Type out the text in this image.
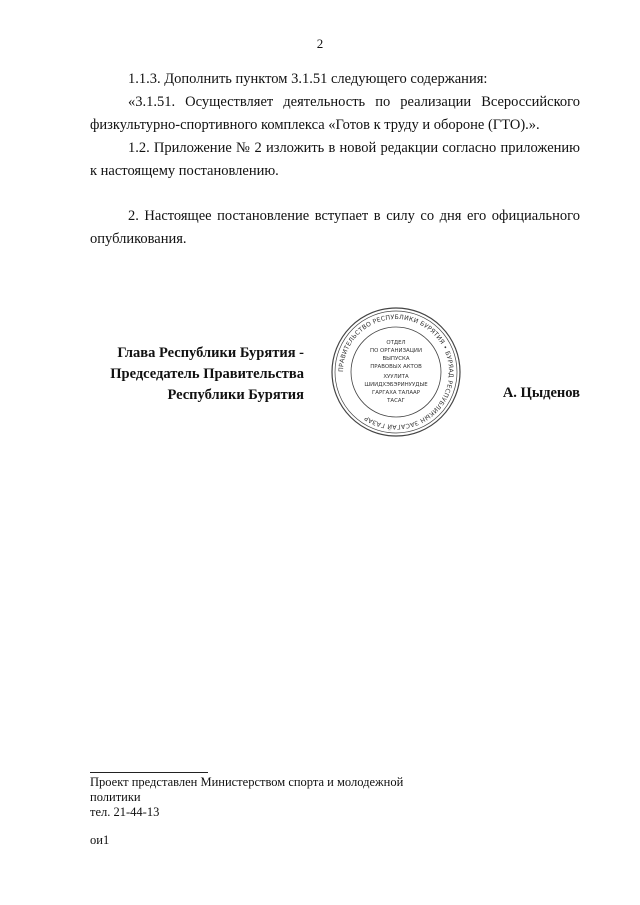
2

1.1.3. Дополнить пунктом 3.1.51 следующего содержания:

«3.1.51. Осуществляет деятельность по реализации Всероссийского физкультурно-спортивного комплекса «Готов к труду и обороне (ГТО).».

1.2. Приложение № 2 изложить в новой редакции согласно приложению к настоящему постановлению.

2. Настоящее постановление вступает в силу со дня его официального опубликования.

Глава Республики Бурятия -
Председатель Правительства
Республики Бурятия
ПРАВИТЕЛЬСТВО РЕСПУБЛИКИ БУРЯТИЯ • БУРЯАД РЕСПУБЛИКЫН ЗАСАГАЙ ГАЗАР
ОТДЕЛ
ПО ОРГАНИЗАЦИИ
ВЫПУСКА
ПРАВОВЫХ АКТОВ
ХУУЛИТА
ШИИДХЭБЭРИНУУДЫЕ
ГАРГАХА ТАЛААР
ТАСАГ	А. Цыденов
Проект представлен Министерством спорта и молодежной
политики
тел. 21-44-13
ои1
